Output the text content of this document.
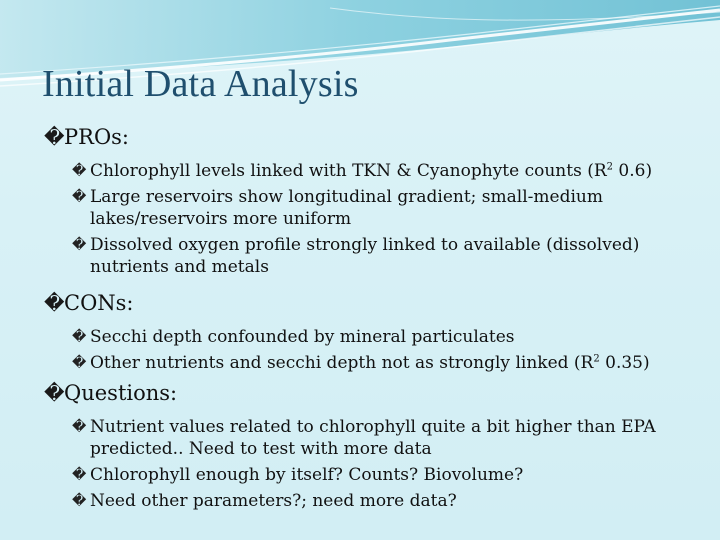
Initial Data Analysis
� PROs:
� Chlorophyll levels linked with TKN & Cyanophyte counts ($R^2$ 0.6)
� Large reservoirs show longitudinal gradient; small-medium lakes/reservoirs more uniform
� Dissolved oxygen profile strongly linked to available (dissolved) nutrients and metals
� CONs:
� Secchi depth confounded by mineral particulates
� Other nutrients and secchi depth not as strongly linked ($R^2$ 0.35)
� Questions:
� Nutrient values related to chlorophyll quite a bit higher than EPA predicted.. Need to test with more data
� Chlorophyll enough by itself? Counts? Biovolume?
� Need other parameters?; need more data?
